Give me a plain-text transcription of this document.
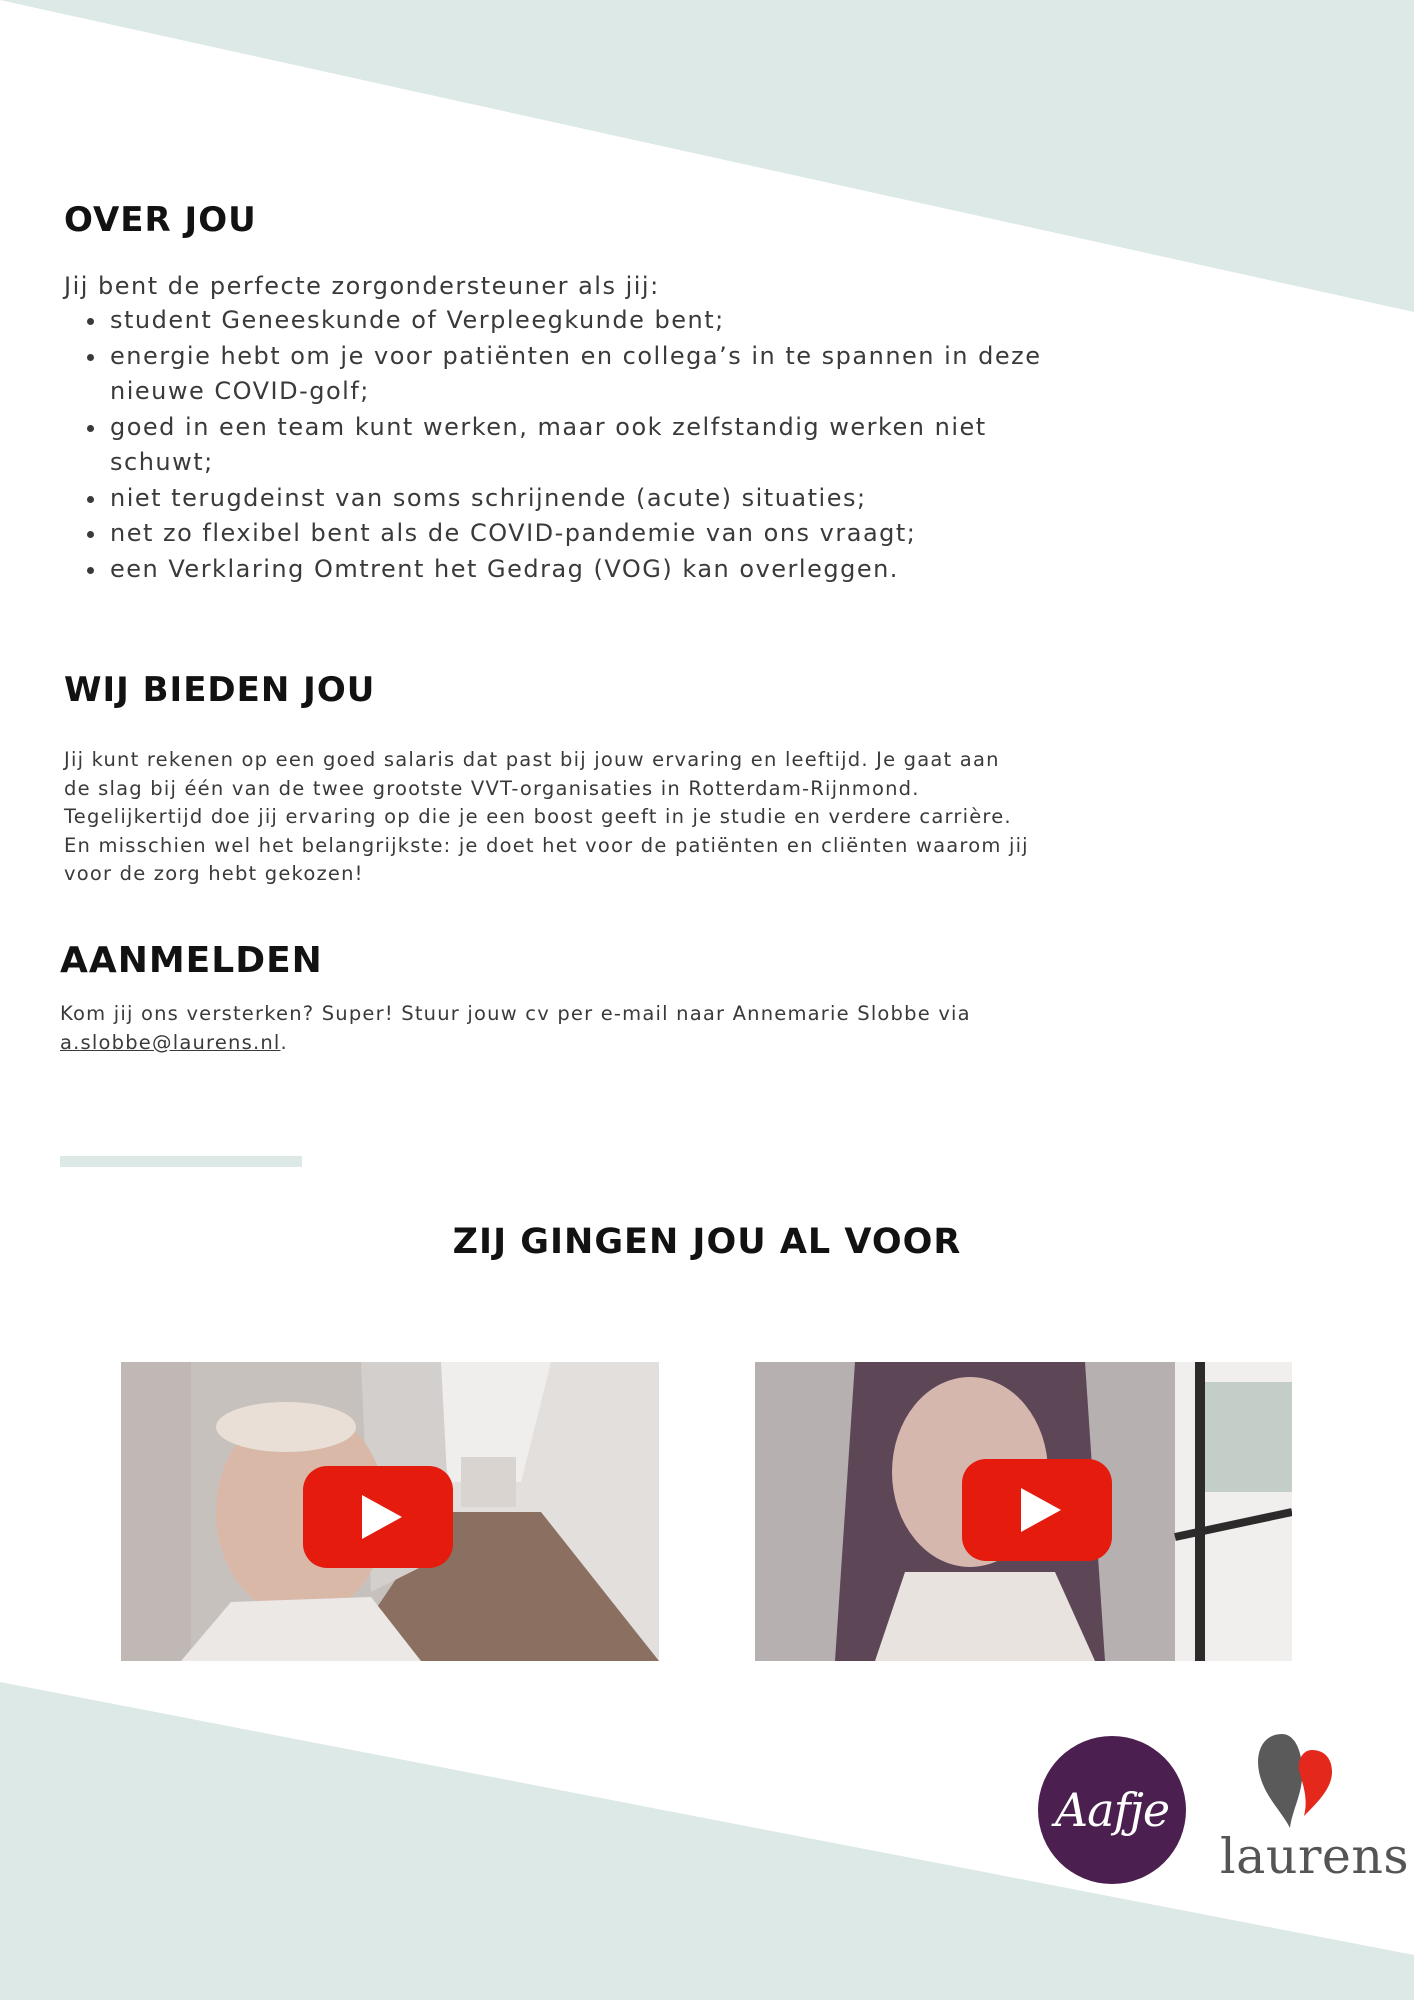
OVER JOU
Jij bent de perfecte zorgondersteuner als jij:
• student Geneeskunde of Verpleegkunde bent;
• energie hebt om je voor patiënten en collega’s in te spannen in deze nieuwe COVID-golf;
• goed in een team kunt werken, maar ook zelfstandig werken niet schuwt;
• niet terugdeinst van soms schrijnende (acute) situaties;
• net zo flexibel bent als de COVID-pandemie van ons vraagt;
• een Verklaring Omtrent het Gedrag (VOG) kan overleggen.
WIJ BIEDEN JOU

Jij kunt rekenen op een goed salaris dat past bij jouw ervaring en leeftijd. Je gaat aan de slag bij één van de twee grootste VVT-organisaties in Rotterdam-Rijnmond. Tegelijkertijd doe jij ervaring op die je een boost geeft in je studie en verdere carrière. En misschien wel het belangrijkste: je doet het voor de patiënten en cliënten waarom jij voor de zorg hebt gekozen!

AANMELDEN

Kom jij ons versterken? Super! Stuur jouw cv per e-mail naar Annemarie Slobbe via a.slobbe@laurens.nl.

ZIJ GINGEN JOU AL VOOR
Aafje
laurens
